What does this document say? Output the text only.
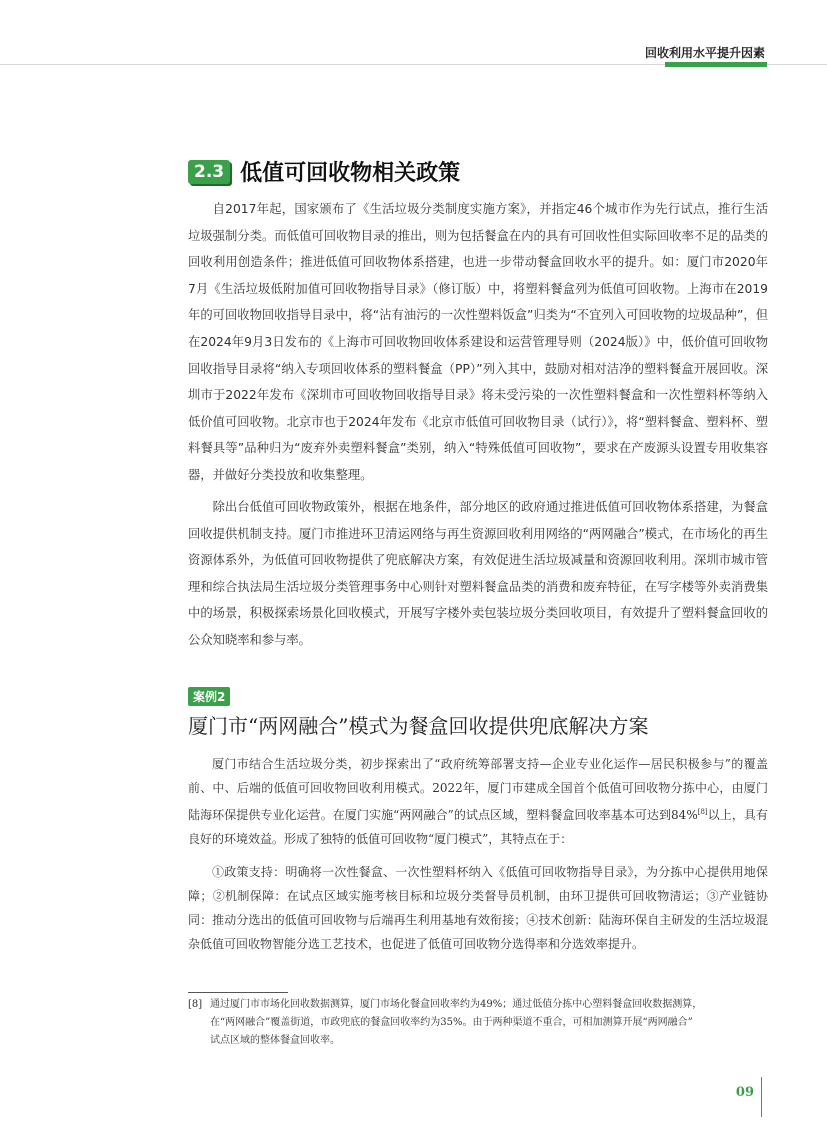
回收利用水平提升因素
2.3 低值可回收物相关政策

自2017年起，国家颁布了《生活垃圾分类制度实施方案》，并指定46个城市作为先行试点，推行生活垃圾强制分类。而低值可回收物目录的推出，则为包括餐盒在内的具有可回收性但实际回收率不足的品类的回收利用创造条件；推进低值可回收物体系搭建，也进一步带动餐盒回收水平的提升。如：厦门市2020年7月《生活垃圾低附加值可回收物指导目录》（修订版）中，将塑料餐盒列为低值可回收物。上海市在2019年的可回收物回收指导目录中，将“沾有油污的一次性塑料饭盒”归类为“不宜列入可回收物的垃圾品种”，但在2024年9月3日发布的《上海市可回收物回收体系建设和运营管理导则（2024版）》中，低价值可回收物回收指导目录将“纳入专项回收体系的塑料餐盒（PP）”列入其中，鼓励对相对洁净的塑料餐盒开展回收。深圳市于2022年发布《深圳市可回收物回收指导目录》将未受污染的一次性塑料餐盒和一次性塑料杯等纳入低价值可回收物。北京市也于2024年发布《北京市低值可回收物目录（试行）》，将“塑料餐盒、塑料杯、塑料餐具等”品种归为“废弃外卖塑料餐盒”类别，纳入“特殊低值可回收物”，要求在产废源头设置专用收集容器，并做好分类投放和收集整理。

除出台低值可回收物政策外，根据在地条件，部分地区的政府通过推进低值可回收物体系搭建，为餐盒回收提供机制支持。厦门市推进环卫清运网络与再生资源回收利用网络的“两网融合”模式，在市场化的再生资源体系外，为低值可回收物提供了兜底解决方案，有效促进生活垃圾减量和资源回收利用。深圳市城市管理和综合执法局生活垃圾分类管理事务中心则针对塑料餐盒品类的消费和废弃特征，在写字楼等外卖消费集中的场景，积极探索场景化回收模式，开展写字楼外卖包装垃圾分类回收项目，有效提升了塑料餐盒回收的公众知晓率和参与率。

案例2
厦门市“两网融合”模式为餐盒回收提供兜底解决方案

厦门市结合生活垃圾分类，初步探索出了“政府统筹部署支持—企业专业化运作—居民积极参与”的覆盖前、中、后端的低值可回收物回收利用模式。2022年，厦门市建成全国首个低值可回收物分拣中心，由厦门陆海环保提供专业化运营。在厦门实施“两网融合”的试点区域，塑料餐盒回收率基本可达到84%[8]以上，具有良好的环境效益。形成了独特的低值可回收物“厦门模式”，其特点在于：

①政策支持：明确将一次性餐盒、一次性塑料杯纳入《低值可回收物指导目录》，为分拣中心提供用地保障；②机制保障：在试点区域实施考核目标和垃圾分类督导员机制，由环卫提供可回收物清运；③产业链协同：推动分选出的低值可回收物与后端再生利用基地有效衔接；④技术创新：陆海环保自主研发的生活垃圾混杂低值可回收物智能分选工艺技术，也促进了低值可回收物分选得率和分选效率提升。

[8] 通过厦门市市场化回收数据测算，厦门市场化餐盒回收率约为49%；通过低值分拣中心塑料餐盒回收数据测算，
在“两网融合”覆盖街道，市政兜底的餐盒回收率约为35%。由于两种渠道不重合，可相加测算开展“两网融合”
试点区域的整体餐盒回收率。
09
